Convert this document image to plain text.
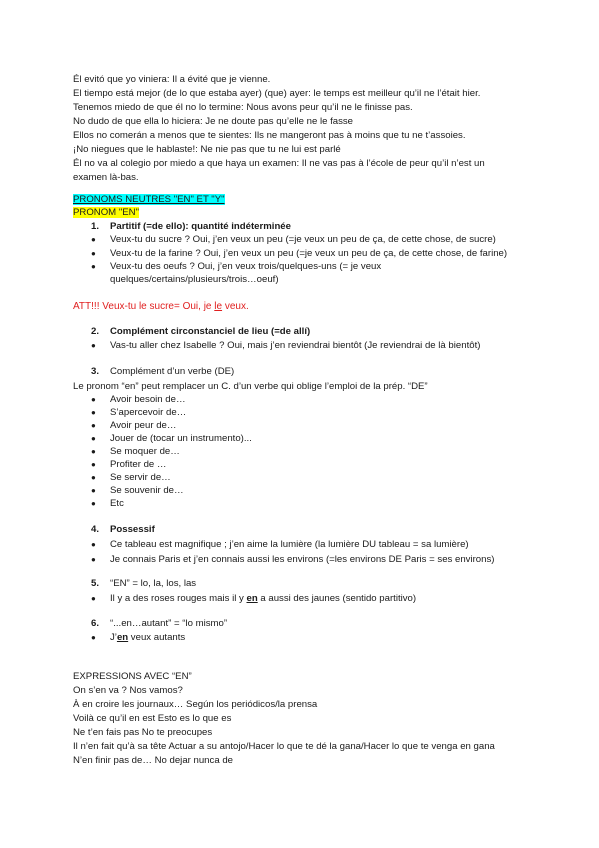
Él evitó que yo viniera: Il a évité que je vienne.
El tiempo está mejor (de lo que estaba ayer) (que) ayer: le temps est meilleur qu’il ne l’était hier.
Tenemos miedo de que él no lo termine: Nous avons peur qu’il ne le finisse pas.
No dudo de que ella lo hiciera: Je ne doute pas qu’elle ne le fasse
Ellos no comerán a menos que te sientes: Ils ne mangeront pas à moins que tu ne t’assoies.
¡No niegues que le hablaste!: Ne nie pas que tu ne lui est parlé
Él no va al colegio por miedo a que haya un examen: Il ne vas pas à l’école de peur qu’il n’est un
examen là-bas.
PRONOMS NEUTRES "EN" ET "Y"
PRONOM "EN"
1. Partitif (=de ello): quantité indéterminée
● Veux-tu du sucre ? Oui, j’en veux un peu (=je veux un peu de ça, de cette chose, de sucre)
● Veux-tu de la farine ? Oui, j’en veux un peu (=je veux un peu de ça, de cette chose, de farine)
● Veux-tu des oeufs ? Oui, j’en veux trois/quelques-uns (= je veux
quelques/certains/plusieurs/trois…oeuf)
ATT!!! Veux-tu le sucre= Oui, je le veux.
2. Complément circonstanciel de lieu (=de allí)
● Vas-tu aller chez Isabelle ? Oui, mais j’en reviendrai bientôt (Je reviendrai de là bientôt)
3. Complément d’un verbe (DE)
Le pronom “en” peut remplacer un C. d’un verbe qui oblige l’emploi de la prép. “DE”
● Avoir besoin de…
● S’apercevoir de…
● Avoir peur de…
● Jouer de (tocar un instrumento)...
● Se moquer de…
● Profiter de …
● Se servir de…
● Se souvenir de…
● Etc
4. Possessif
● Ce tableau est magnifique ; j’en aime la lumière (la lumière DU tableau = sa lumière)
● Je connais Paris et j’en connais aussi les environs (=les environs DE Paris = ses environs)
5. “EN” = lo, la, los, las
● Il y a des roses rouges mais il y en a aussi des jaunes (sentido partitivo)
6. “...en…autant” = “lo mismo”
● J’en veux autants
EXPRESSIONS AVEC “EN”
On s’en va ? Nos vamos?
À en croire les journaux… Según los periódicos/la prensa
Voilà ce qu’il en est Esto es lo que es
Ne t’en fais pas No te preocupes
Il n’en fait qu’à sa tête Actuar a su antojo/Hacer lo que te dé la gana/Hacer lo que te venga en gana
N’en finir pas de… No dejar nunca de
